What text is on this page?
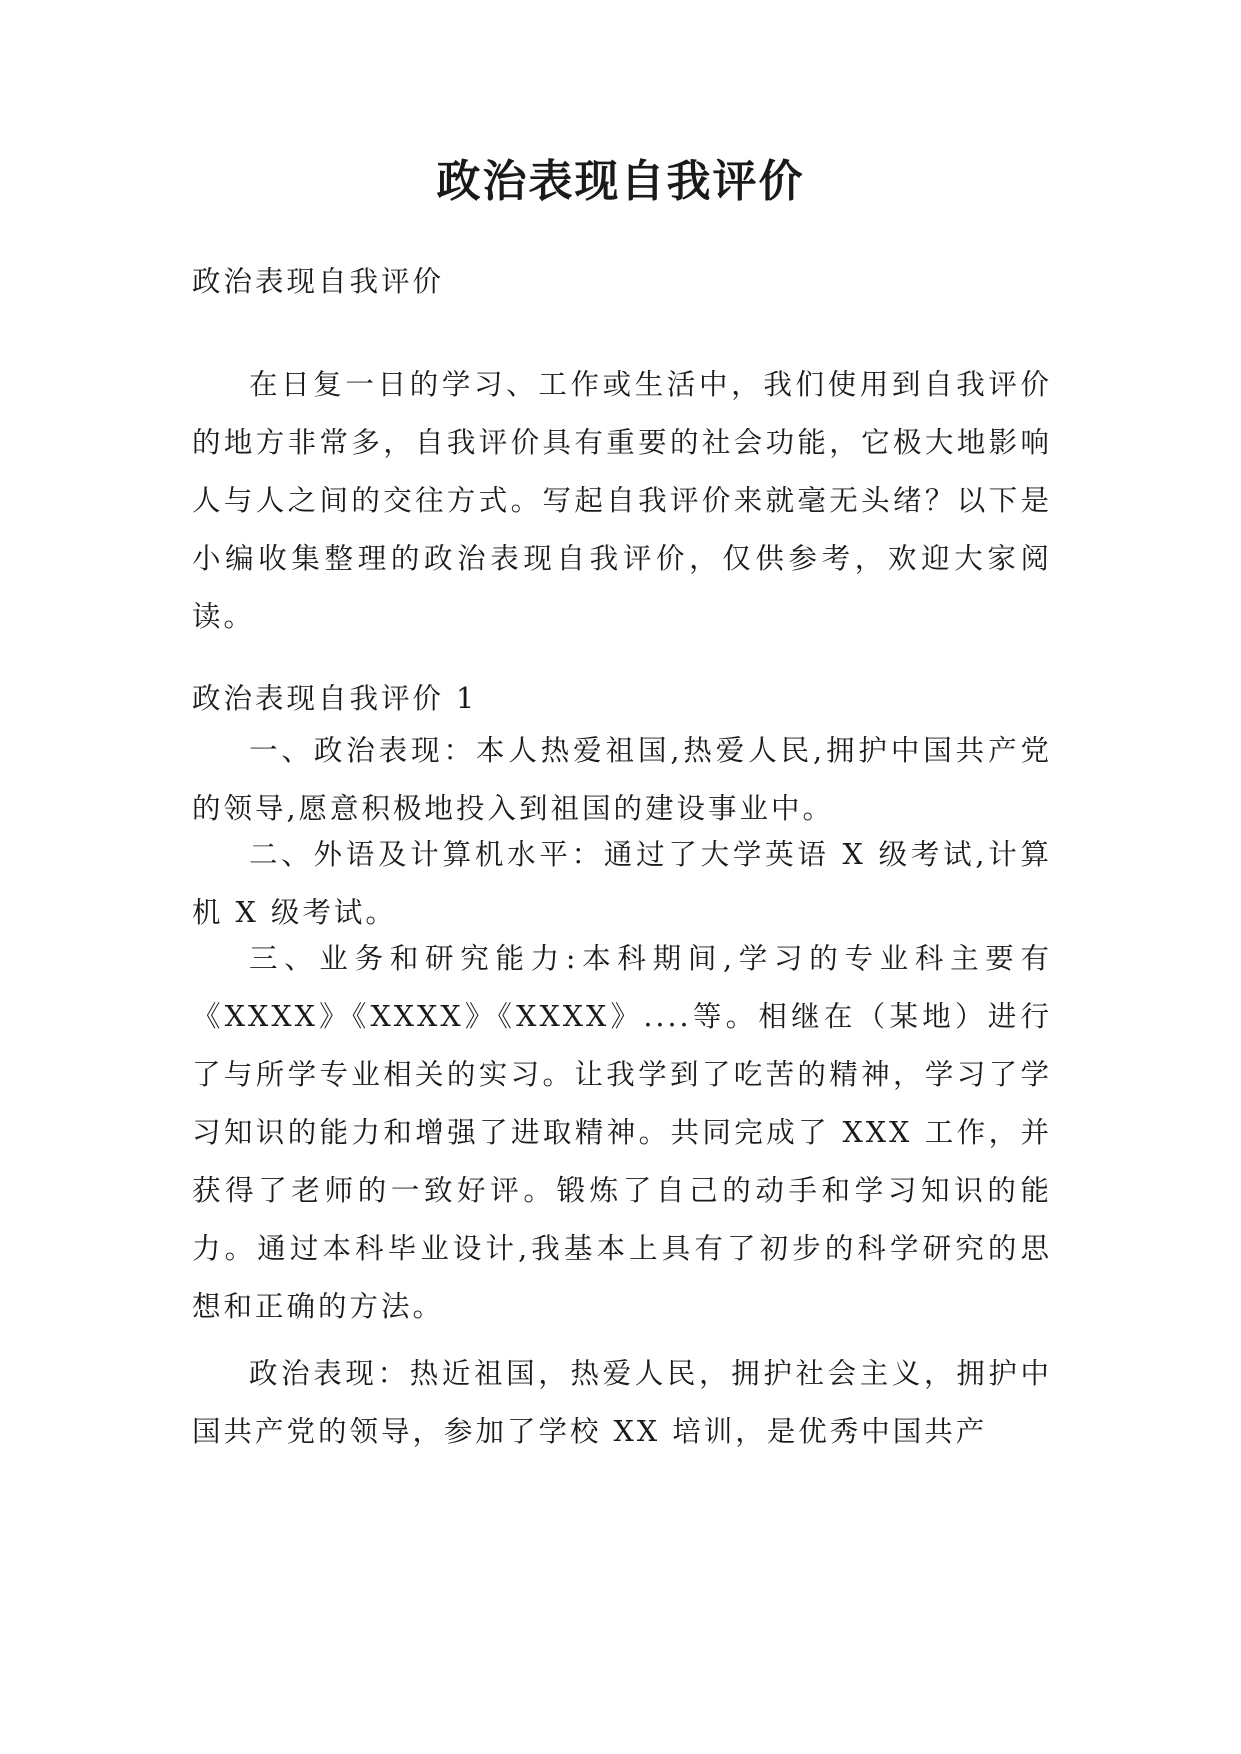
政治表现自我评价

政治表现自我评价

在日复一日的学习、工作或生活中，我们使用到自我评价的地方非常多，自我评价具有重要的社会功能，它极大地影响人与人之间的交往方式。写起自我评价来就毫无头绪？以下是小编收集整理的政治表现自我评价，仅供参考，欢迎大家阅读。

政治表现自我评价 1

一、政治表现：本人热爱祖国,热爱人民,拥护中国共产党的领导,愿意积极地投入到祖国的建设事业中。

二、外语及计算机水平：通过了大学英语 X 级考试,计算机 X 级考试。

三、业务和研究能力:本科期间,学习的专业科主要有《XXXX》《XXXX》《XXXX》....等。相继在（某地）进行了与所学专业相关的实习。让我学到了吃苦的精神，学习了学习知识的能力和增强了进取精神。共同完成了 XXX 工作，并获得了老师的一致好评。锻炼了自己的动手和学习知识的能力。通过本科毕业设计,我基本上具有了初步的科学研究的思想和正确的方法。

政治表现：热近祖国，热爱人民，拥护社会主义，拥护中国共产党的领导，参加了学校 XX 培训，是优秀中国共产
